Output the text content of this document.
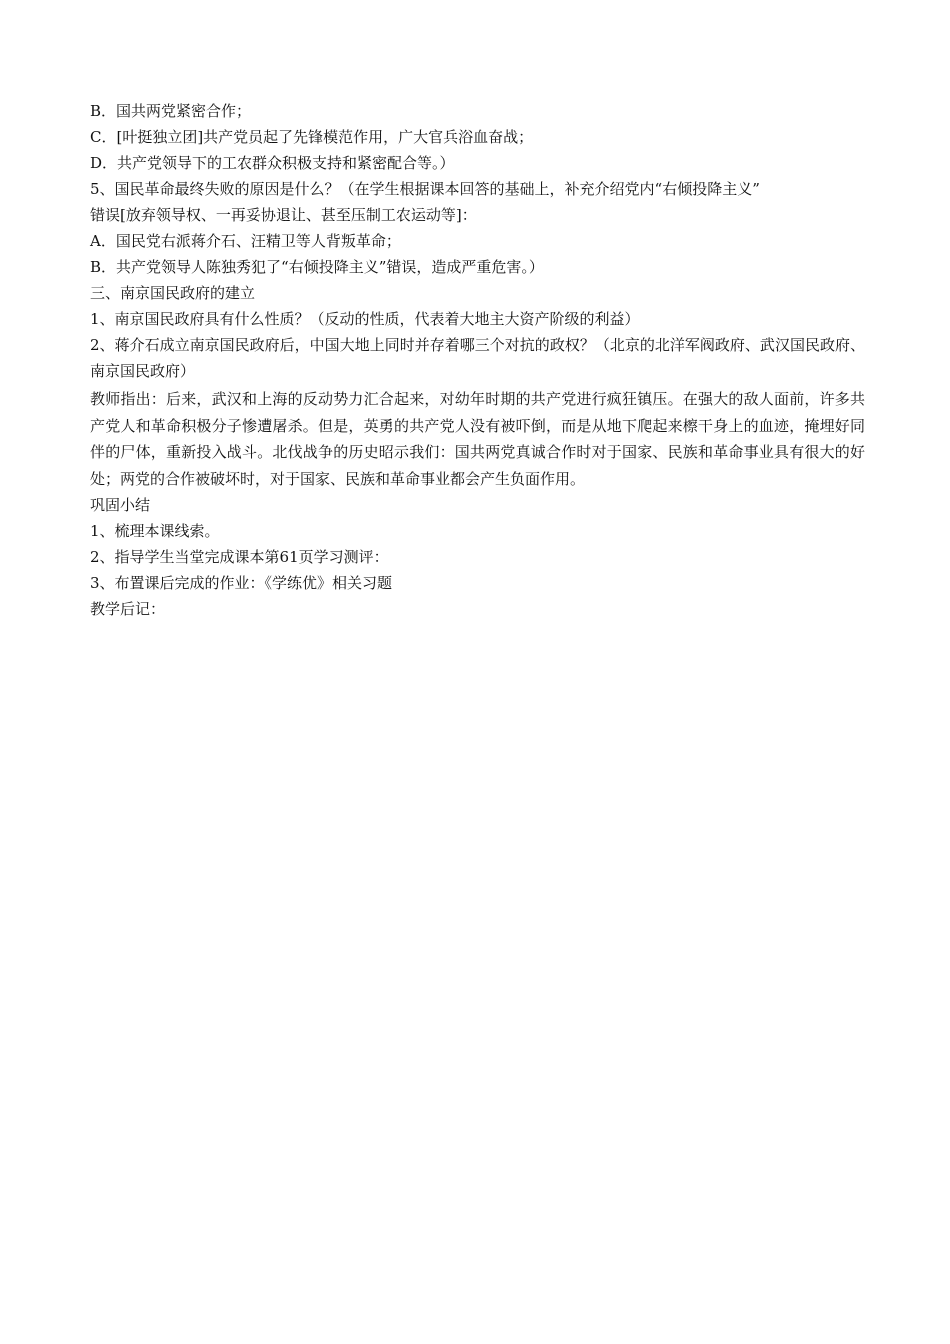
B．国共两党紧密合作；

C．[叶挺独立团]共产党员起了先锋模范作用，广大官兵浴血奋战；

D．共产党领导下的工农群众积极支持和紧密配合等。）

5、国民革命最终失败的原因是什么？（在学生根据课本回答的基础上，补充介绍党内“右倾投降主义”

错误[放弃领导权、一再妥协退让、甚至压制工农运动等]：

A．国民党右派蒋介石、汪精卫等人背叛革命；

B．共产党领导人陈独秀犯了“右倾投降主义”错误，造成严重危害。）

三、南京国民政府的建立

1、南京国民政府具有什么性质？（反动的性质，代表着大地主大资产阶级的利益）

2、蒋介石成立南京国民政府后，中国大地上同时并存着哪三个对抗的政权？（北京的北洋军阀政府、武汉国民政府、南京国民政府）

教师指出：后来，武汉和上海的反动势力汇合起来，对幼年时期的共产党进行疯狂镇压。在强大的敌人面前，许多共产党人和革命积极分子惨遭屠杀。但是，英勇的共产党人没有被吓倒，而是从地下爬起来檫干身上的血迹，掩埋好同伴的尸体，重新投入战斗。北伐战争的历史昭示我们：国共两党真诚合作时对于国家、民族和革命事业具有很大的好处；两党的合作被破坏时，对于国家、民族和革命事业都会产生负面作用。

巩固小结

1、梳理本课线索。

2、指导学生当堂完成课本第61页学习测评：

3、布置课后完成的作业：《学练优》相关习题

教学后记：
